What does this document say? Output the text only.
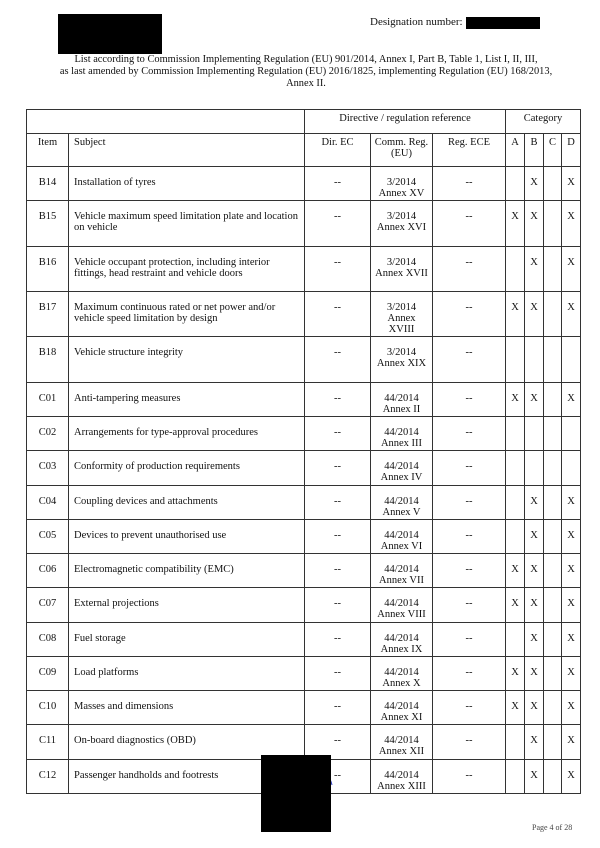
Designation number:
List according to Commission Implementing Regulation (EU) 901/2014, Annex I, Part B, Table 1, List I, II, III,
as last amended by Commission Implementing Regulation (EU) 2016/1825, implementing Regulation (EU) 168/2013,
Annex II.
		Directive / regulation reference			Category			
Item	Subject	Dir. EC	Comm. Reg. (EU)	Reg. ECE	A	B	C	D
B14	Installation of tyres	--	3/2014 Annex XV	--		X		X
B15	Vehicle maximum speed limitation plate and location on vehicle	--	3/2014 Annex XVI	--	X	X		X
B16	Vehicle occupant protection, including interior fittings, head restraint and vehicle doors	--	3/2014 Annex XVII	--		X		X
B17	Maximum continuous rated or net power and/or vehicle speed limitation by design	--	3/2014 Annex XVIII	--	X	X		X
B18	Vehicle structure integrity	--	3/2014 Annex XIX	--				
C01	Anti-tampering measures	--	44/2014 Annex II	--	X	X		X
C02	Arrangements for type-approval procedures	--	44/2014 Annex III	--				
C03	Conformity of production requirements	--	44/2014 Annex IV	--				
C04	Coupling devices and attachments	--	44/2014 Annex V	--		X		X
C05	Devices to prevent unauthorised use	--	44/2014 Annex VI	--		X		X
C06	Electromagnetic compatibility (EMC)	--	44/2014 Annex VII	--	X	X		X
C07	External projections	--	44/2014 Annex VIII	--	X	X		X
C08	Fuel storage	--	44/2014 Annex IX	--		X		X
C09	Load platforms	--	44/2014 Annex X	--	X	X		X
C10	Masses and dimensions	--	44/2014 Annex XI	--	X	X		X
C11	On-board diagnostics (OBD)	--	44/2014 Annex XII	--		X		X
C12	Passenger handholds and footrests	--	44/2014 Annex XIII	--		X		X
Page 4 of 28
